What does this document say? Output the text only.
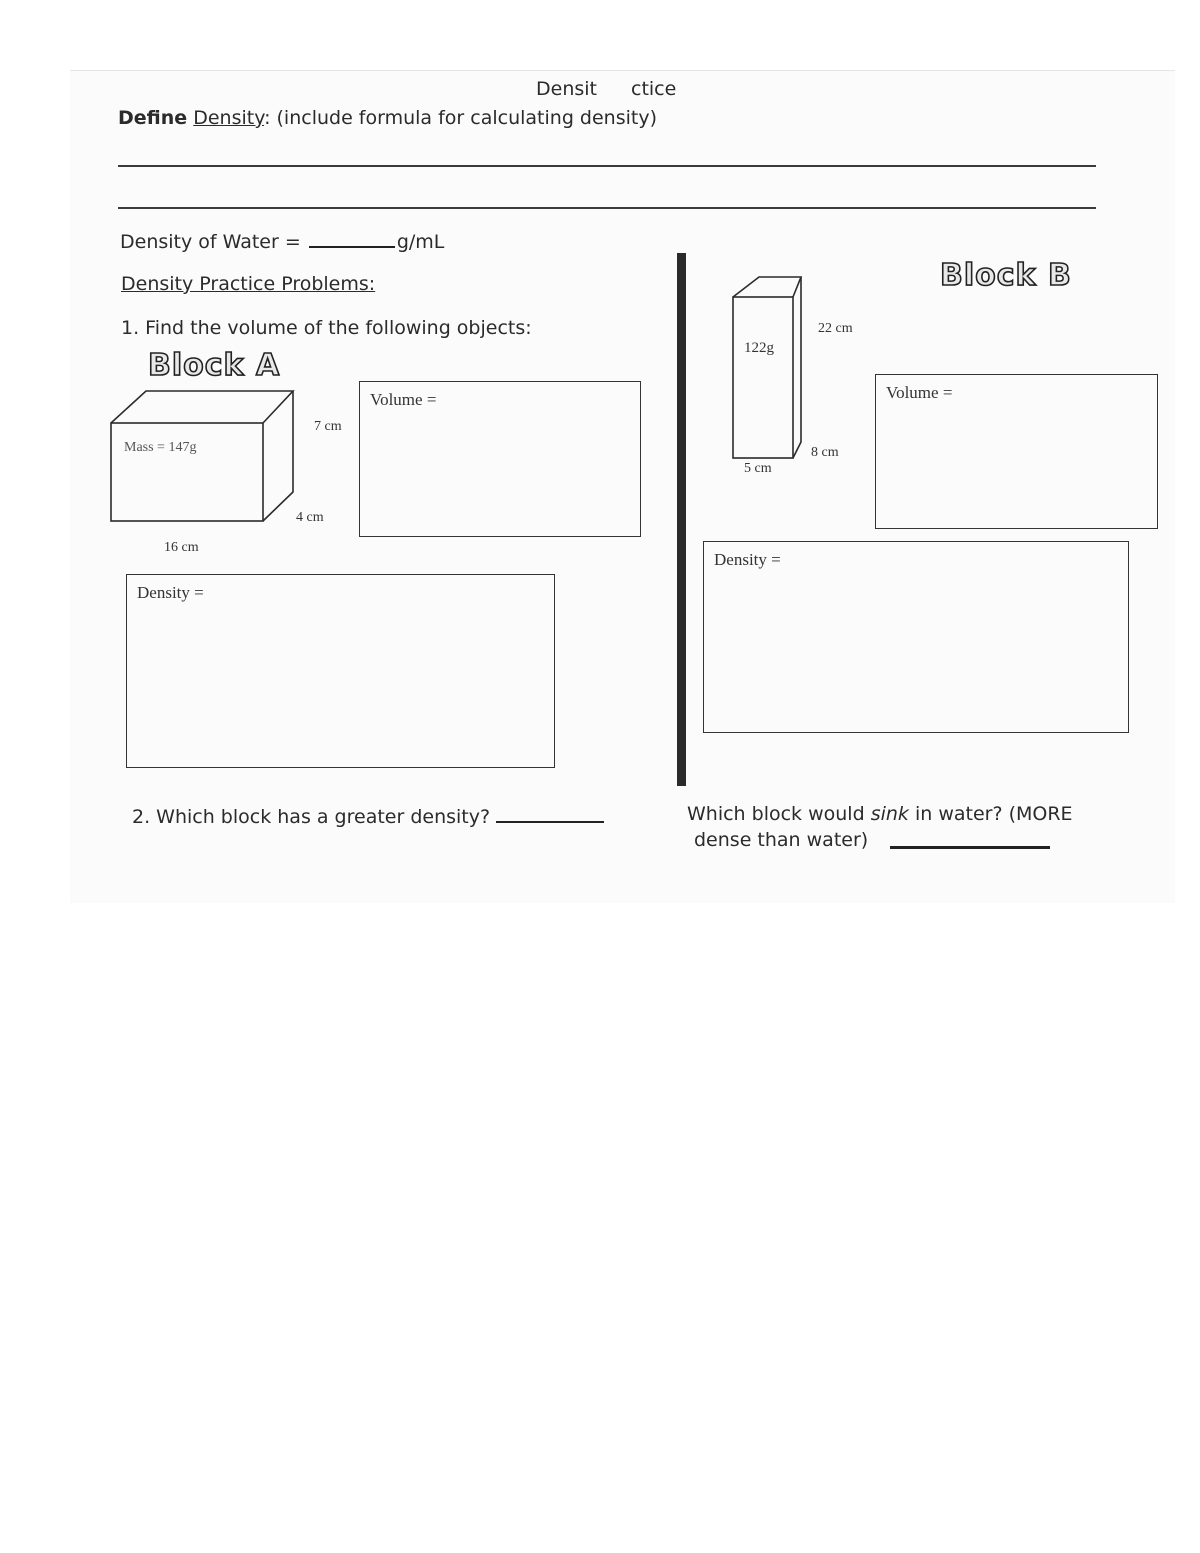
Densit ctice
Define Density: (include formula for calculating density)
Density of Water =	g/mL
Density Practice Problems:
1. Find the volume of the following objects:
Block A
Mass = 147g
7 cm
4 cm
16 cm
Volume =
Density =
Block B
122g
22 cm
8 cm
5 cm
Volume =
Density =
2. Which block has a greater density?	Which block would sink in water? (MORE
dense than water)
